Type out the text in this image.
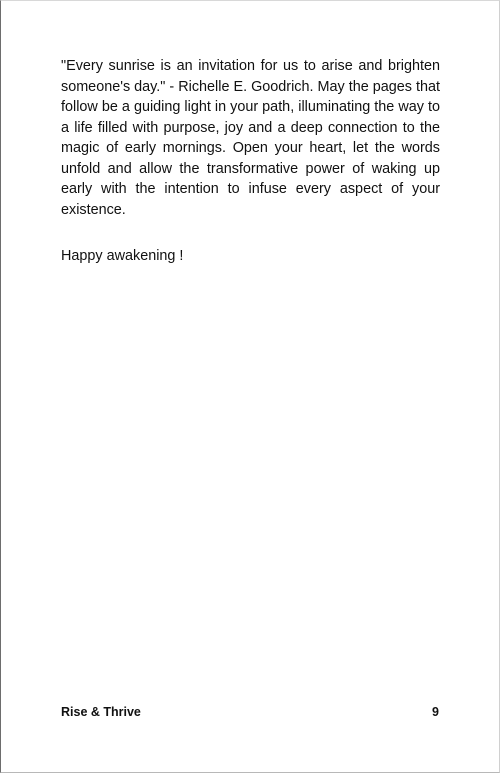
"Every sunrise is an invitation for us to arise and brighten someone's day." - Richelle E. Goodrich. May the pages that follow be a guiding light in your path, illuminating the way to a life filled with purpose, joy and a deep connection to the magic of early mornings. Open your heart, let the words unfold and allow the transformative power of waking up early with the intention to infuse every aspect of your existence.

Happy awakening !

Rise & Thrive	9
